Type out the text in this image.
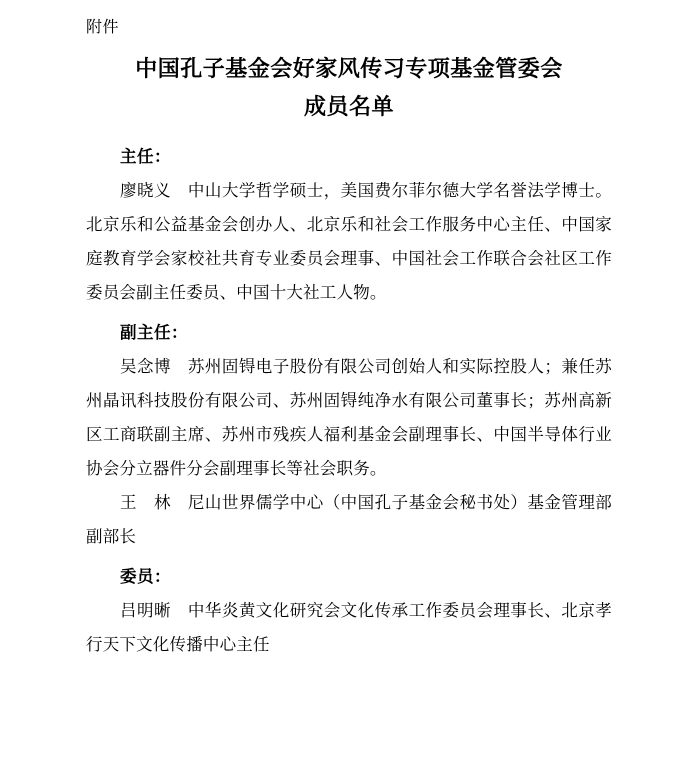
附件
中国孔子基金会好家风传习专项基金管委会
成员名单
主任：

廖晓义　中山大学哲学硕士，美国费尔菲尔德大学名誉法学博士。北京乐和公益基金会创办人、北京乐和社会工作服务中心主任、中国家庭教育学会家校社共育专业委员会理事、中国社会工作联合会社区工作委员会副主任委员、中国十大社工人物。

副主任：

吴念博　苏州固锝电子股份有限公司创始人和实际控股人；兼任苏州晶讯科技股份有限公司、苏州固锝纯净水有限公司董事长；苏州高新区工商联副主席、苏州市残疾人福利基金会副理事长、中国半导体行业协会分立器件分会副理事长等社会职务。

王　林　尼山世界儒学中心（中国孔子基金会秘书处）基金管理部副部长

委员：

吕明晰　中华炎黄文化研究会文化传承工作委员会理事长、北京孝行天下文化传播中心主任
